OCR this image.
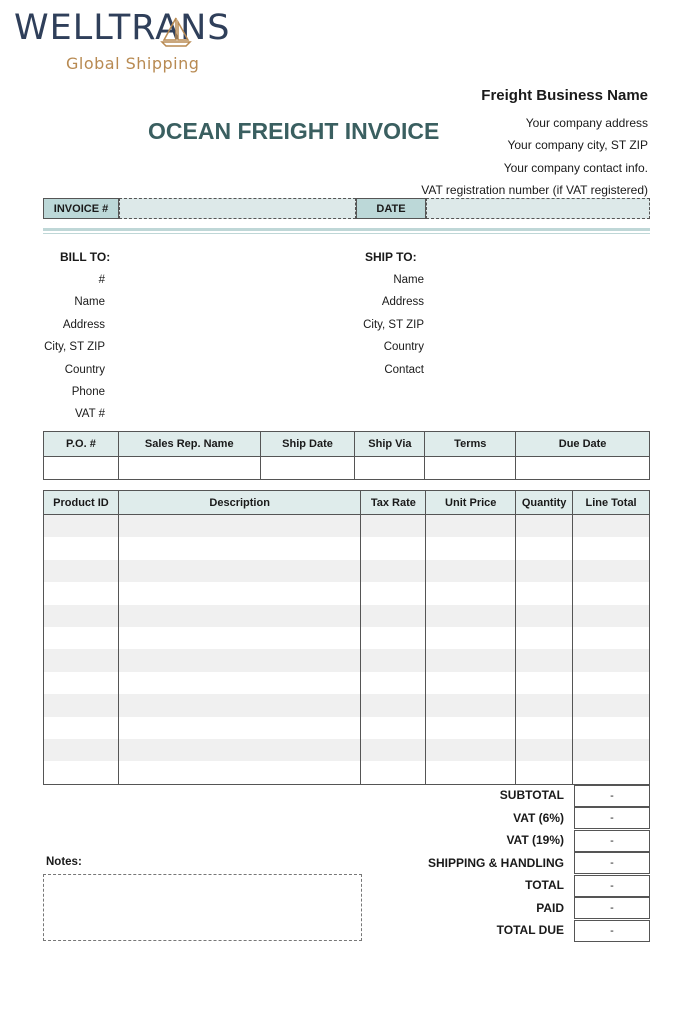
WELLTRANS
Global Shipping
Freight Business Name
Your company address
Your company city, ST ZIP
Your company contact info.
VAT registration number (if VAT registered)
OCEAN FREIGHT INVOICE
INVOICE #	DATE
BILL TO:
#
Name
Address
City, ST ZIP
Country
Phone
VAT #
SHIP TO:
Name
Address
City, ST ZIP
Country
Contact
P.O. #	Sales Rep. Name	Ship Date	Ship Via	Terms	Due Date

Product ID	Description	Tax Rate	Unit Price	Quantity	Line Total

SUBTOTAL	-
VAT (6%)	-
VAT (19%)	-
SHIPPING & HANDLING	-
TOTAL	-
PAID	-
TOTAL DUE	-
Notes:
